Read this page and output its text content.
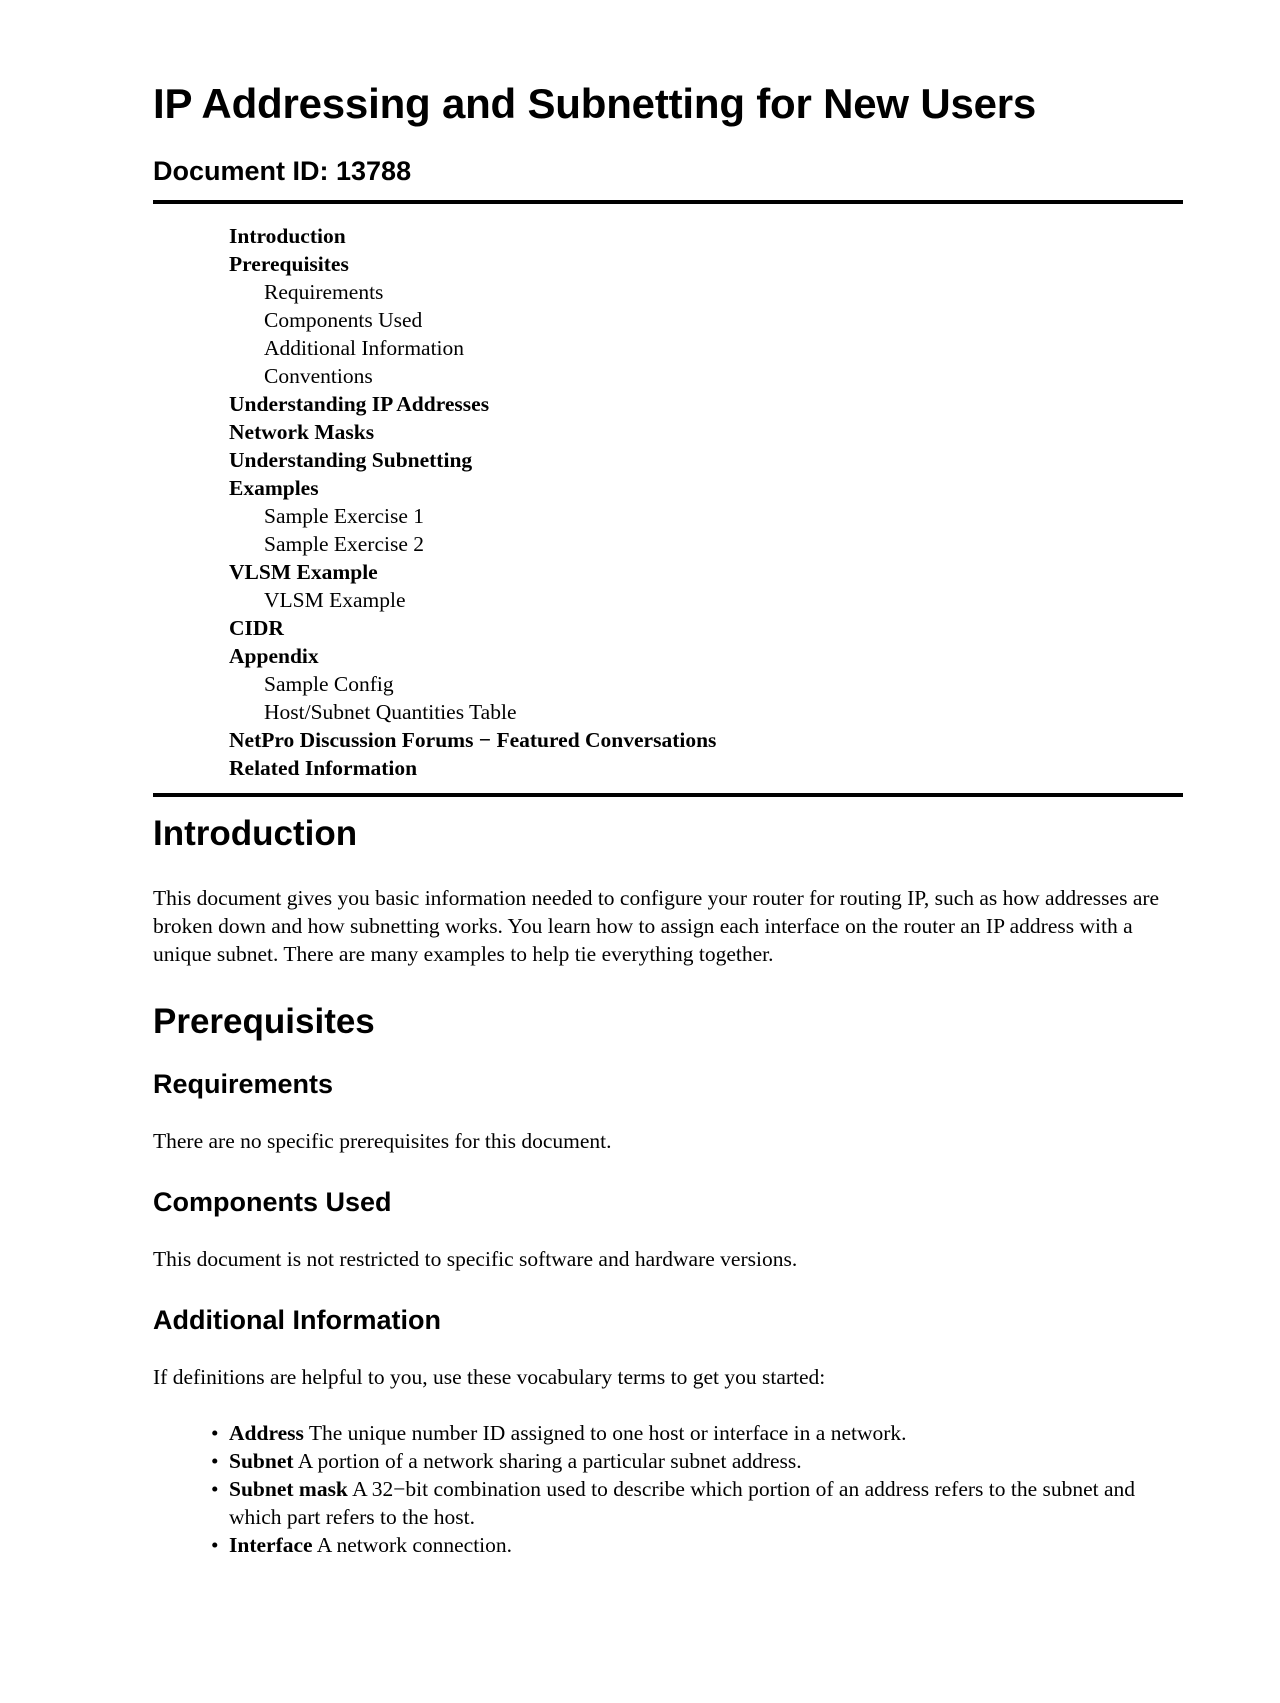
IP Addressing and Subnetting for New Users
Document ID: 13788
Introduction
Prerequisites
Requirements
Components Used
Additional Information
Conventions
Understanding IP Addresses
Network Masks
Understanding Subnetting
Examples
Sample Exercise 1
Sample Exercise 2
VLSM Example
VLSM Example
CIDR
Appendix
Sample Config
Host/Subnet Quantities Table
NetPro Discussion Forums − Featured Conversations
Related Information
Introduction

This document gives you basic information needed to configure your router for routing IP, such as how addresses are broken down and how subnetting works. You learn how to assign each interface on the router an IP address with a unique subnet. There are many examples to help tie everything together.

Prerequisites
Requirements

There are no specific prerequisites for this document.

Components Used

This document is not restricted to specific software and hardware versions.

Additional Information

If definitions are helpful to you, use these vocabulary terms to get you started:

• Address The unique number ID assigned to one host or interface in a network.
• Subnet A portion of a network sharing a particular subnet address.
• Subnet mask A 32−bit combination used to describe which portion of an address refers to the subnet and which part refers to the host.
• Interface A network connection.
